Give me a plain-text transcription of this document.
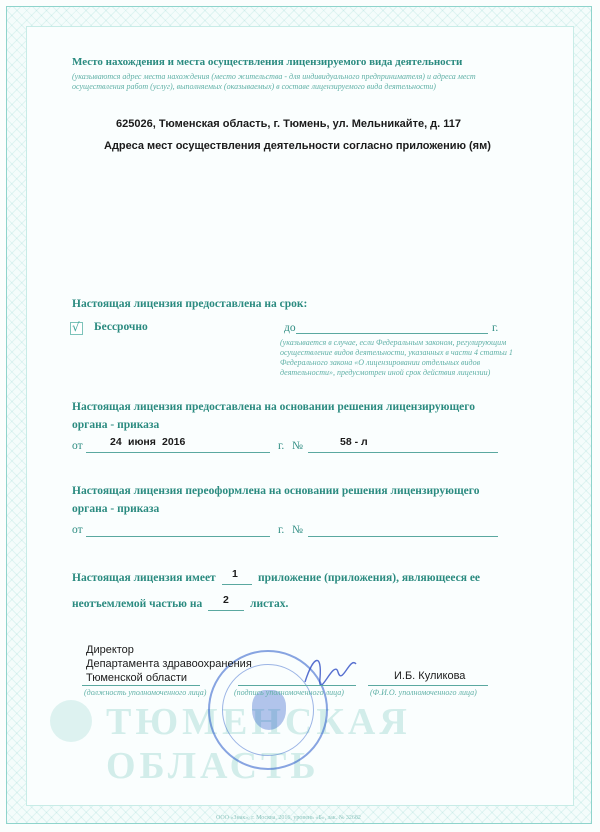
ТЮМЕНСКАЯ ОБЛАСТЬ
Место нахождения и места осуществления лицензируемого вида деятельности
(указываются адрес места нахождения (место жительства - для индивидуального предпринимателя) и адреса мест осуществления работ (услуг), выполняемых (оказываемых) в составе лицензируемого вида деятельности)
625026, Тюменская область, г. Тюмень, ул. Мельникайте, д. 117
Адреса мест осуществления деятельности согласно приложению (ям)
Настоящая лицензия предоставлена на срок:
√ Бессрочно	до	г.
(указывается в случае, если Федеральным законом, регулирующим осуществление видов деятельности, указанных в части 4 статьи 1 Федерального закона «О лицензировании отдельных видов деятельности», предусмотрен иной срок действия лицензии)
Настоящая лицензия предоставлена на основании решения лицензирующего органа - приказа
от	24 июня 2016	г. №	58 - л
Настоящая лицензия переоформлена на основании решения лицензирующего органа - приказа
от	г. №
Настоящая лицензия имеет 1 приложение (приложения), являющееся ее
неотъемлемой частью на 2 листах.
Директор
Департамента здравоохранения
Тюменской области
(должность уполномоченного лица)	(подпись уполномоченного лица)
И.Б. Куликова
(Ф.И.О. уполномоченного лица)
ООО «Знак», г. Москва, 2016, уровень «Б», зак. № 32682
